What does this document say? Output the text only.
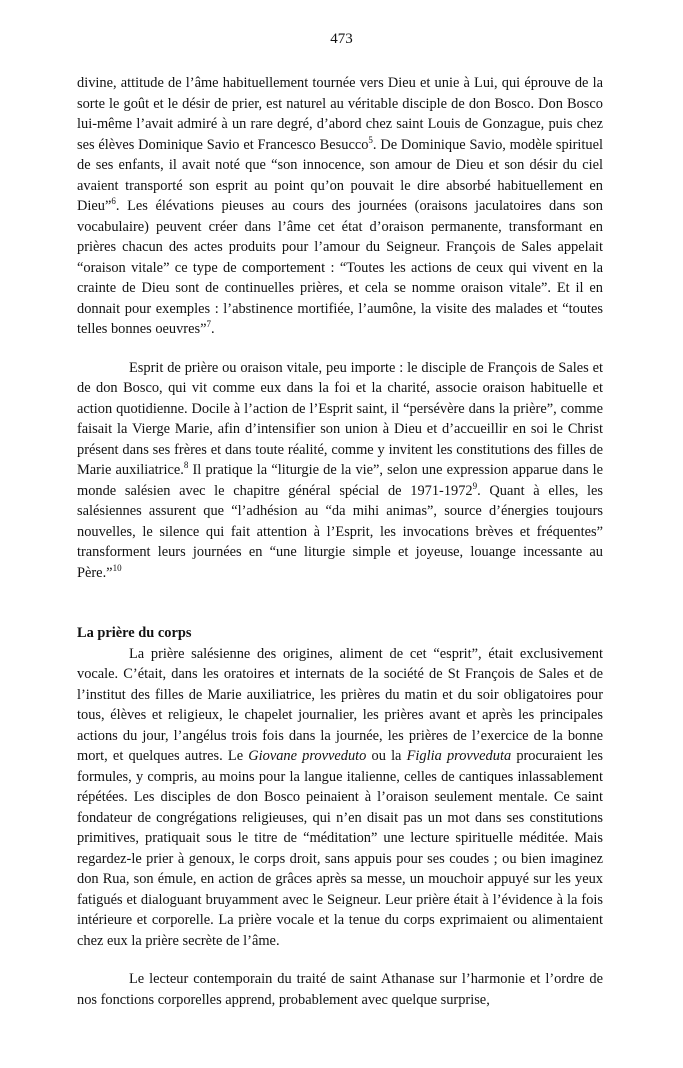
473

divine, attitude de l’âme habituellement tournée vers Dieu et unie à Lui, qui éprouve de la sorte le goût et le désir de prier, est naturel au véritable disciple de don Bosco. Don Bosco lui-même l’avait admiré à un rare degré, d’abord chez saint Louis de Gonzague, puis chez ses élèves Dominique Savio et Francesco Besucco$^5$. De Dominique Savio, modèle spirituel de ses enfants, il avait noté que “son innocence, son amour de Dieu et son désir du ciel avaient transporté son esprit au point qu’on pouvait le dire absorbé habituellement en Dieu”$^6$. Les élévations pieuses au cours des journées (oraisons jaculatoires dans son vocabulaire) peuvent créer dans l’âme cet état d’oraison permanente, transformant en prières chacun des actes produits pour l’amour du Seigneur. François de Sales appelait “oraison vitale” ce type de comportement : “Toutes les actions de ceux qui vivent en la crainte de Dieu sont de continuelles prières, et cela se nomme oraison vitale”. Et il en donnait pour exemples : l’abstinence mortifiée, l’aumône, la visite des malades et “toutes telles bonnes oeuvres”$^7$.

Esprit de prière ou oraison vitale, peu importe : le disciple de François de Sales et de don Bosco, qui vit comme eux dans la foi et la charité, associe oraison habituelle et action quotidienne. Docile à l’action de l’Esprit saint, il “persévère dans la prière”, comme faisait la Vierge Marie, afin d’intensifier son union à Dieu et d’accueillir en soi le Christ présent dans ses frères et dans toute réalité, comme y invitent les constitutions des filles de Marie auxiliatrice.$^8$ Il pratique la “liturgie de la vie”, selon une expression apparue dans le monde salésien avec le chapitre général spécial de 1971-1972$^9$. Quant à elles, les salésiennes assurent que “l’adhésion au “da mihi animas”, source d’énergies toujours nouvelles, le silence qui fait attention à l’Esprit, les invocations brèves et fréquentes” transforment leurs journées en “une liturgie simple et joyeuse, louange incessante au Père.”$^{10}$

La prière du corps

La prière salésienne des origines, aliment de cet “esprit”, était exclusivement vocale. C’était, dans les oratoires et internats de la société de St François de Sales et de l’institut des filles de Marie auxiliatrice, les prières du matin et du soir obligatoires pour tous, élèves et religieux, le chapelet journalier, les prières avant et après les principales actions du jour, l’angélus trois fois dans la journée, les prières de l’exercice de la bonne mort, et quelques autres. Le Giovane provveduto ou la Figlia provveduta procuraient les formules, y compris, au moins pour la langue italienne, celles de cantiques inlassablement répétées. Les disciples de don Bosco peinaient à l’oraison seulement mentale. Ce saint fondateur de congrégations religieuses, qui n’en disait pas un mot dans ses constitutions primitives, pratiquait sous le titre de “méditation” une lecture spirituelle méditée. Mais regardez-le prier à genoux, le corps droit, sans appuis pour ses coudes ; ou bien imaginez don Rua, son émule, en action de grâces après sa messe, un mouchoir appuyé sur les yeux fatigués et dialoguant bruyamment avec le Seigneur. Leur prière était à l’évidence à la fois intérieure et corporelle. La prière vocale et la tenue du corps exprimaient ou alimentaient chez eux la prière secrète de l’âme.

Le lecteur contemporain du traité de saint Athanase sur l’harmonie et l’ordre de nos fonctions corporelles apprend, probablement avec quelque surprise,
